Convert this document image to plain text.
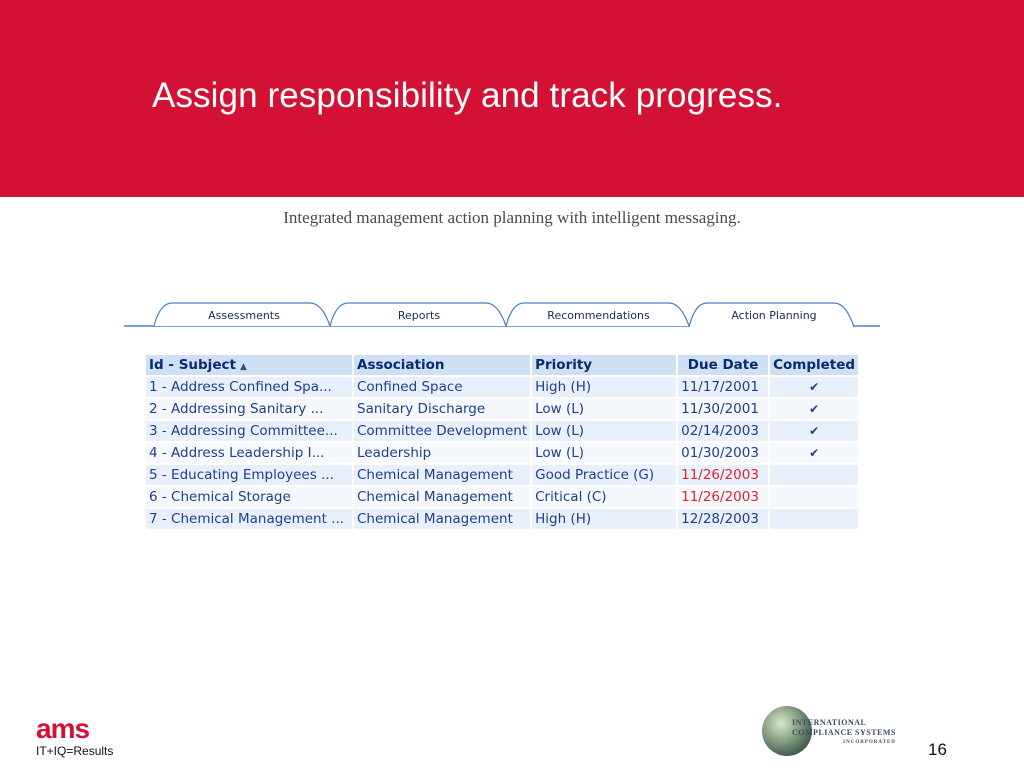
Assign responsibility and track progress.
Integrated management action planning with intelligent messaging.
Assessments	Reports	Recommendations	Action Planning
Id - Subject ▲	Association	Priority	Due Date	Completed
1 - Address Confined Spa...	Confined Space	High (H)	11/17/2001	✔
2 - Addressing Sanitary ...	Sanitary Discharge	Low (L)	11/30/2001	✔
3 - Addressing Committee...	Committee Development	Low (L)	02/14/2003	✔
4 - Address Leadership I...	Leadership	Low (L)	01/30/2003	✔
5 - Educating Employees ...	Chemical Management	Good Practice (G)	11/26/2003	
6 - Chemical Storage	Chemical Management	Critical (C)	11/26/2003	
7 - Chemical Management ...	Chemical Management	High (H)	12/28/2003	
ams
IT+IQ=Results
INTERNATIONAL
COMPLIANCE SYSTEMS
INCORPORATED 16
